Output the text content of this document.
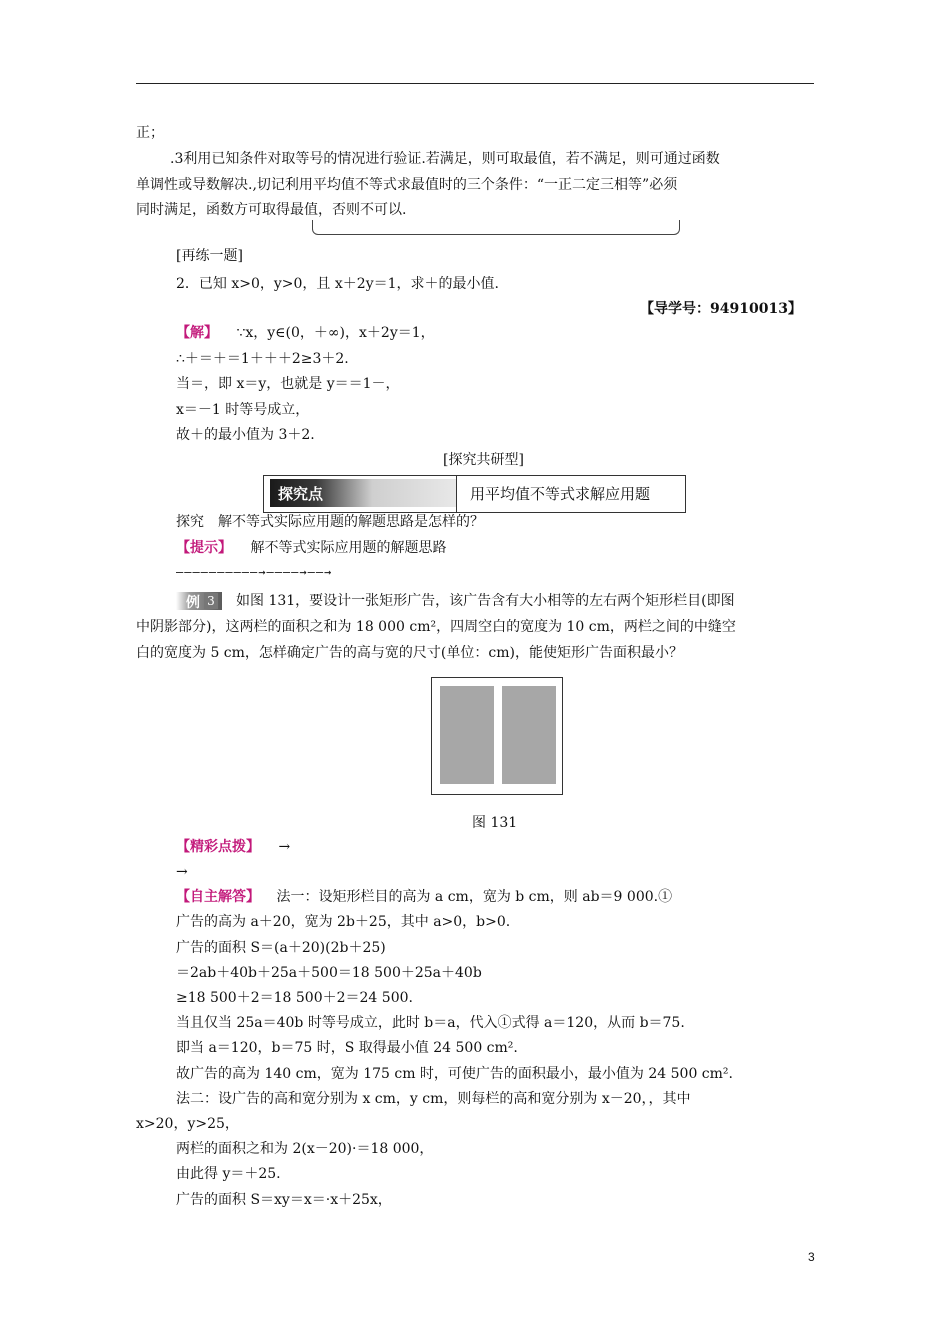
正；
.3利用已知条件对取等号的情况进行验证.若满足，则可取最值，若不满足，则可通过函数
单调性或导数解决.,切记利用平均值不等式求最值时的三个条件：“一正二定三相等”必须
同时满足，函数方可取得最值，否则不可以.
[再练一题]
2．已知 x>0，y>0，且 x＋2y＝1，求＋的最小值.
【导学号：94910013】
【解】 ∵x，y∈(0，＋∞)，x＋2y＝1，
∴＋＝＋＝1＋＋＋2≥3＋2.
当＝，即 x＝y，也就是 y＝＝1－，
x＝－1 时等号成立，
故＋的最小值为 3＋2.
[探究共研型]
探究点	用平均值不等式求解应用题
探究　解不等式实际应用题的解题思路是怎样的？
【提示】 解不等式实际应用题的解题思路
——————————→————→——→
例 3 如图 131，要设计一张矩形广告，该广告含有大小相等的左右两个矩形栏目(即图
中阴影部分)，这两栏的面积之和为 18 000 cm²，四周空白的宽度为 10 cm，两栏之间的中缝空
白的宽度为 5 cm，怎样确定广告的高与宽的尺寸(单位：cm)，能使矩形广告面积最小？
图 131
【精彩点拨】 →
→
【自主解答】 法一：设矩形栏目的高为 a cm，宽为 b cm，则 ab＝9 000.①
广告的高为 a＋20，宽为 2b＋25，其中 a>0，b>0.
广告的面积 S＝(a＋20)(2b＋25)
＝2ab＋40b＋25a＋500＝18 500＋25a＋40b
≥18 500＋2＝18 500＋2＝24 500.
当且仅当 25a＝40b 时等号成立，此时 b＝a，代入①式得 a＝120，从而 b＝75.
即当 a＝120，b＝75 时，S 取得最小值 24 500 cm².
故广告的高为 140 cm，宽为 175 cm 时，可使广告的面积最小，最小值为 24 500 cm².
法二：设广告的高和宽分别为 x cm，y cm，则每栏的高和宽分别为 x－20，，其中
x>20，y>25，
两栏的面积之和为 2(x－20)·＝18 000，
由此得 y＝＋25.
广告的面积 S＝xy＝x＝·x＋25x，
3
